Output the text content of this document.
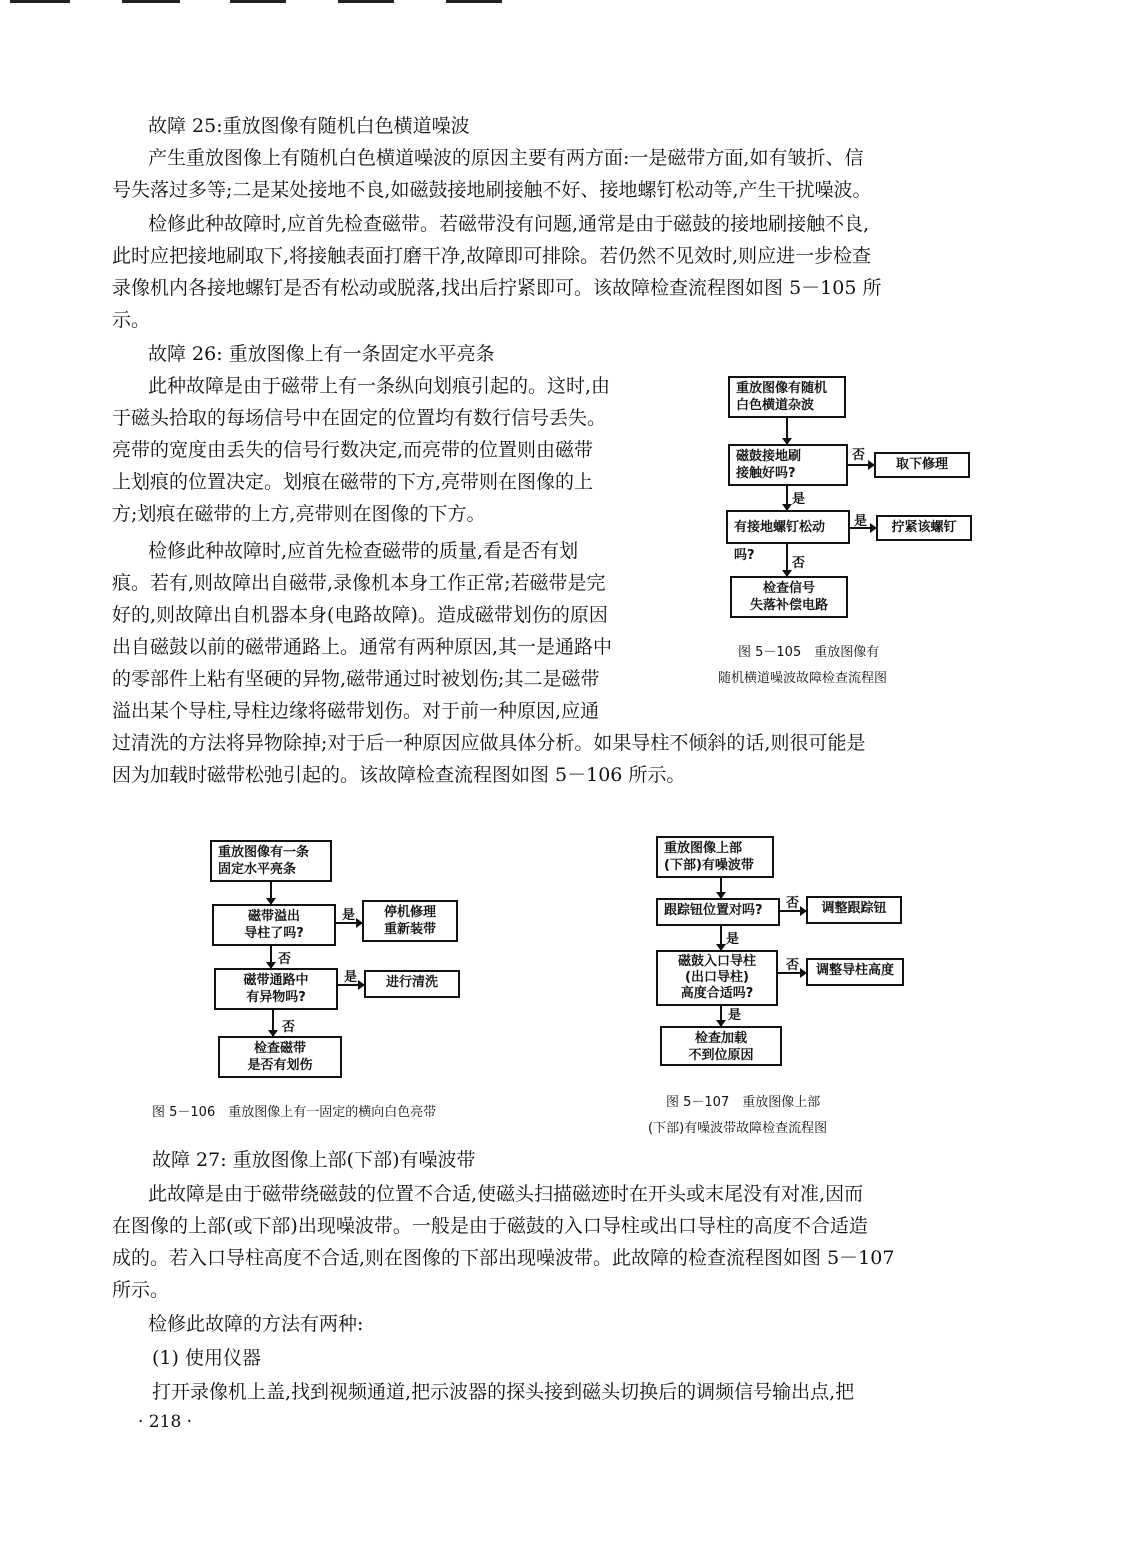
故障 25:重放图像有随机白色横道噪波
产生重放图像上有随机白色横道噪波的原因主要有两方面:一是磁带方面,如有皱折、信
号失落过多等;二是某处接地不良,如磁鼓接地刷接触不好、接地螺钉松动等,产生干扰噪波。
检修此种故障时,应首先检查磁带。若磁带没有问题,通常是由于磁鼓的接地刷接触不良,
此时应把接地刷取下,将接触表面打磨干净,故障即可排除。若仍然不见效时,则应进一步检查
录像机内各接地螺钉是否有松动或脱落,找出后拧紧即可。该故障检查流程图如图 5－105 所
示。
故障 26: 重放图像上有一条固定水平亮条
此种故障是由于磁带上有一条纵向划痕引起的。这时,由
于磁头拾取的每场信号中在固定的位置均有数行信号丢失。
亮带的宽度由丢失的信号行数决定,而亮带的位置则由磁带
上划痕的位置决定。划痕在磁带的下方,亮带则在图像的上
方;划痕在磁带的上方,亮带则在图像的下方。
检修此种故障时,应首先检查磁带的质量,看是否有划
痕。若有,则故障出自磁带,录像机本身工作正常;若磁带是完
好的,则故障出自机器本身(电路故障)。造成磁带划伤的原因
出自磁鼓以前的磁带通路上。通常有两种原因,其一是通路中
的零部件上粘有坚硬的异物,磁带通过时被划伤;其二是磁带
溢出某个导柱,导柱边缘将磁带划伤。对于前一种原因,应通
过清洗的方法将异物除掉;对于后一种原因应做具体分析。如果导柱不倾斜的话,则很可能是
因为加载时磁带松弛引起的。该故障检查流程图如图 5－106 所示。
重放图像有随机
白色横道杂波
磁鼓接地刷
接触好吗?
否
取下修理
是
有接地螺钉松动吗?
是	拧紧该螺钉
否
检查信号
失落补偿电路
图 5－105　重放图像有
随机横道噪波故障检查流程图
重放图像有一条
固定水平亮条
磁带溢出
导柱了吗?
是	停机修理
重新装带
否
磁带通路中
有异物吗?
是	进行清洗
否
检查磁带
是否有划伤
图 5－106　重放图像上有一固定的横向白色亮带
重放图像上部
(下部)有噪波带
跟踪钮位置对吗?	否	调整跟踪钮
是
磁鼓入口导柱
(出口导柱)
高度合适吗?
否	调整导柱高度
是
检查加载
不到位原因
图 5－107　重放图像上部
(下部)有噪波带故障检查流程图
故障 27: 重放图像上部(下部)有噪波带
此故障是由于磁带绕磁鼓的位置不合适,使磁头扫描磁迹时在开头或末尾没有对准,因而
在图像的上部(或下部)出现噪波带。一般是由于磁鼓的入口导柱或出口导柱的高度不合适造
成的。若入口导柱高度不合适,则在图像的下部出现噪波带。此故障的检查流程图如图 5－107
所示。
检修此故障的方法有两种:
(1) 使用仪器
打开录像机上盖,找到视频通道,把示波器的探头接到磁头切换后的调频信号输出点,把
· 218 ·
